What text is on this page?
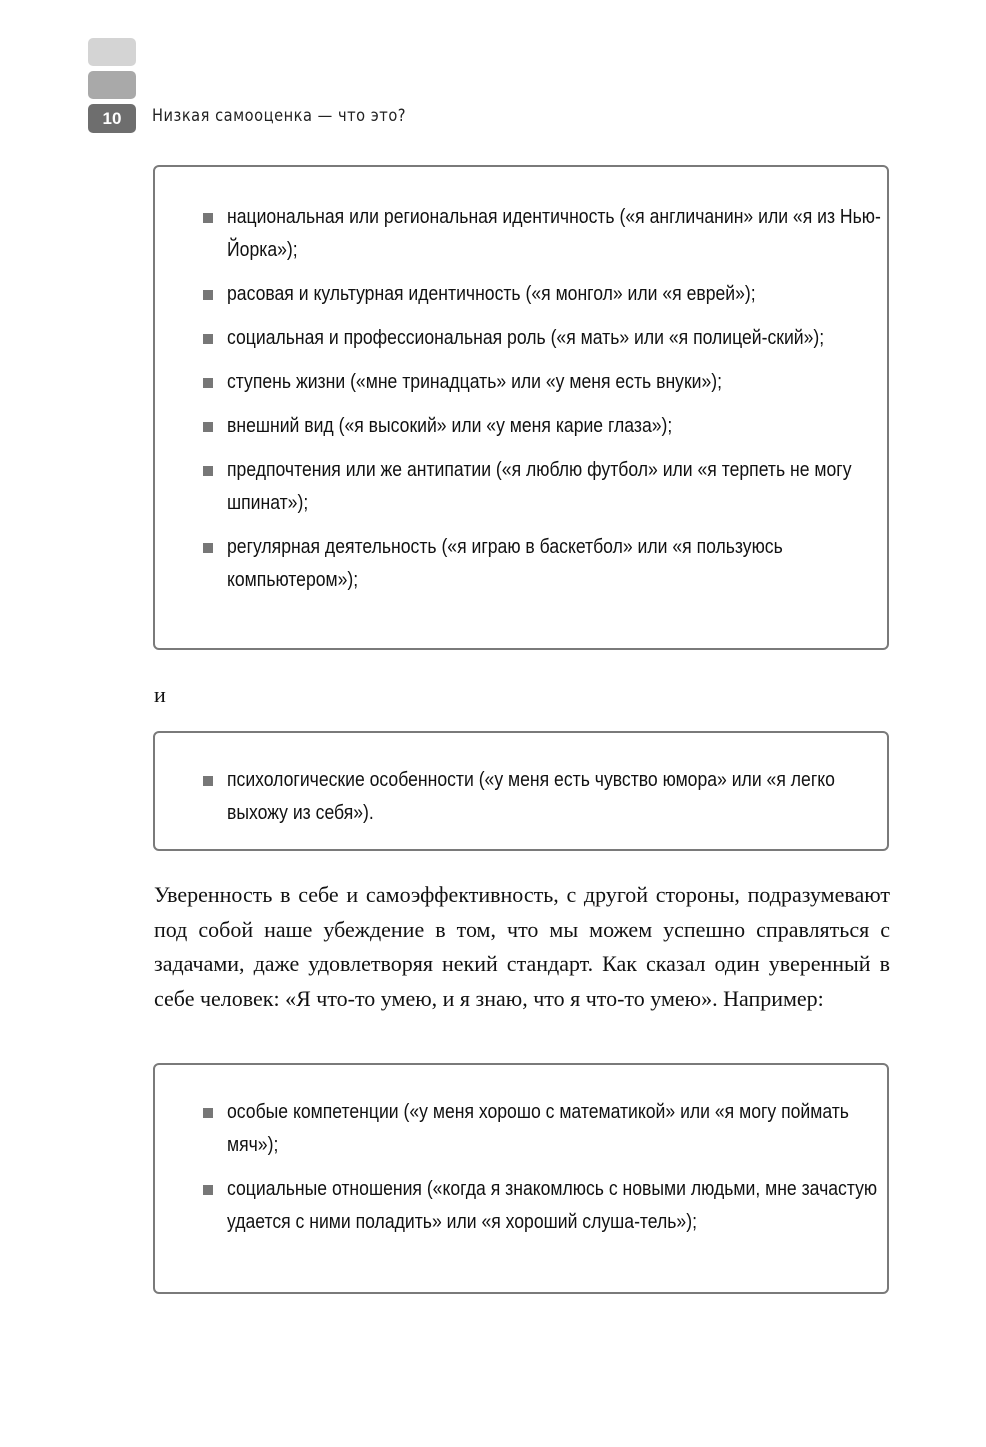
10	Низкая самооценка — что это?
национальная или региональная идентичность («я англичанин» или «я из Нью-Йорка»);
расовая и культурная идентичность («я монгол» или «я еврей»);
социальная и профессиональная роль («я мать» или «я полицей-ский»);
ступень жизни («мне тринадцать» или «у меня есть внуки»);
внешний вид («я высокий» или «у меня карие глаза»);
предпочтения или же антипатии («я люблю футбол» или «я терпеть не могу шпинат»);
регулярная деятельность («я играю в баскетбол» или «я пользуюсь компьютером»);
и
психологические особенности («у меня есть чувство юмора» или «я легко выхожу из себя»).
Уверенность в себе и самоэффективность, с другой стороны, подразумевают под собой наше убеждение в том, что мы можем успешно справляться с задачами, даже удовлетворяя некий стандарт. Как сказал один уверенный в себе человек: «Я что-то умею, и я знаю, что я что-то умею». Например:
особые компетенции («у меня хорошо с математикой» или «я могу поймать мяч»);
социальные отношения («когда я знакомлюсь с новыми людьми, мне зачастую удается с ними поладить» или «я хороший слуша-тель»);
